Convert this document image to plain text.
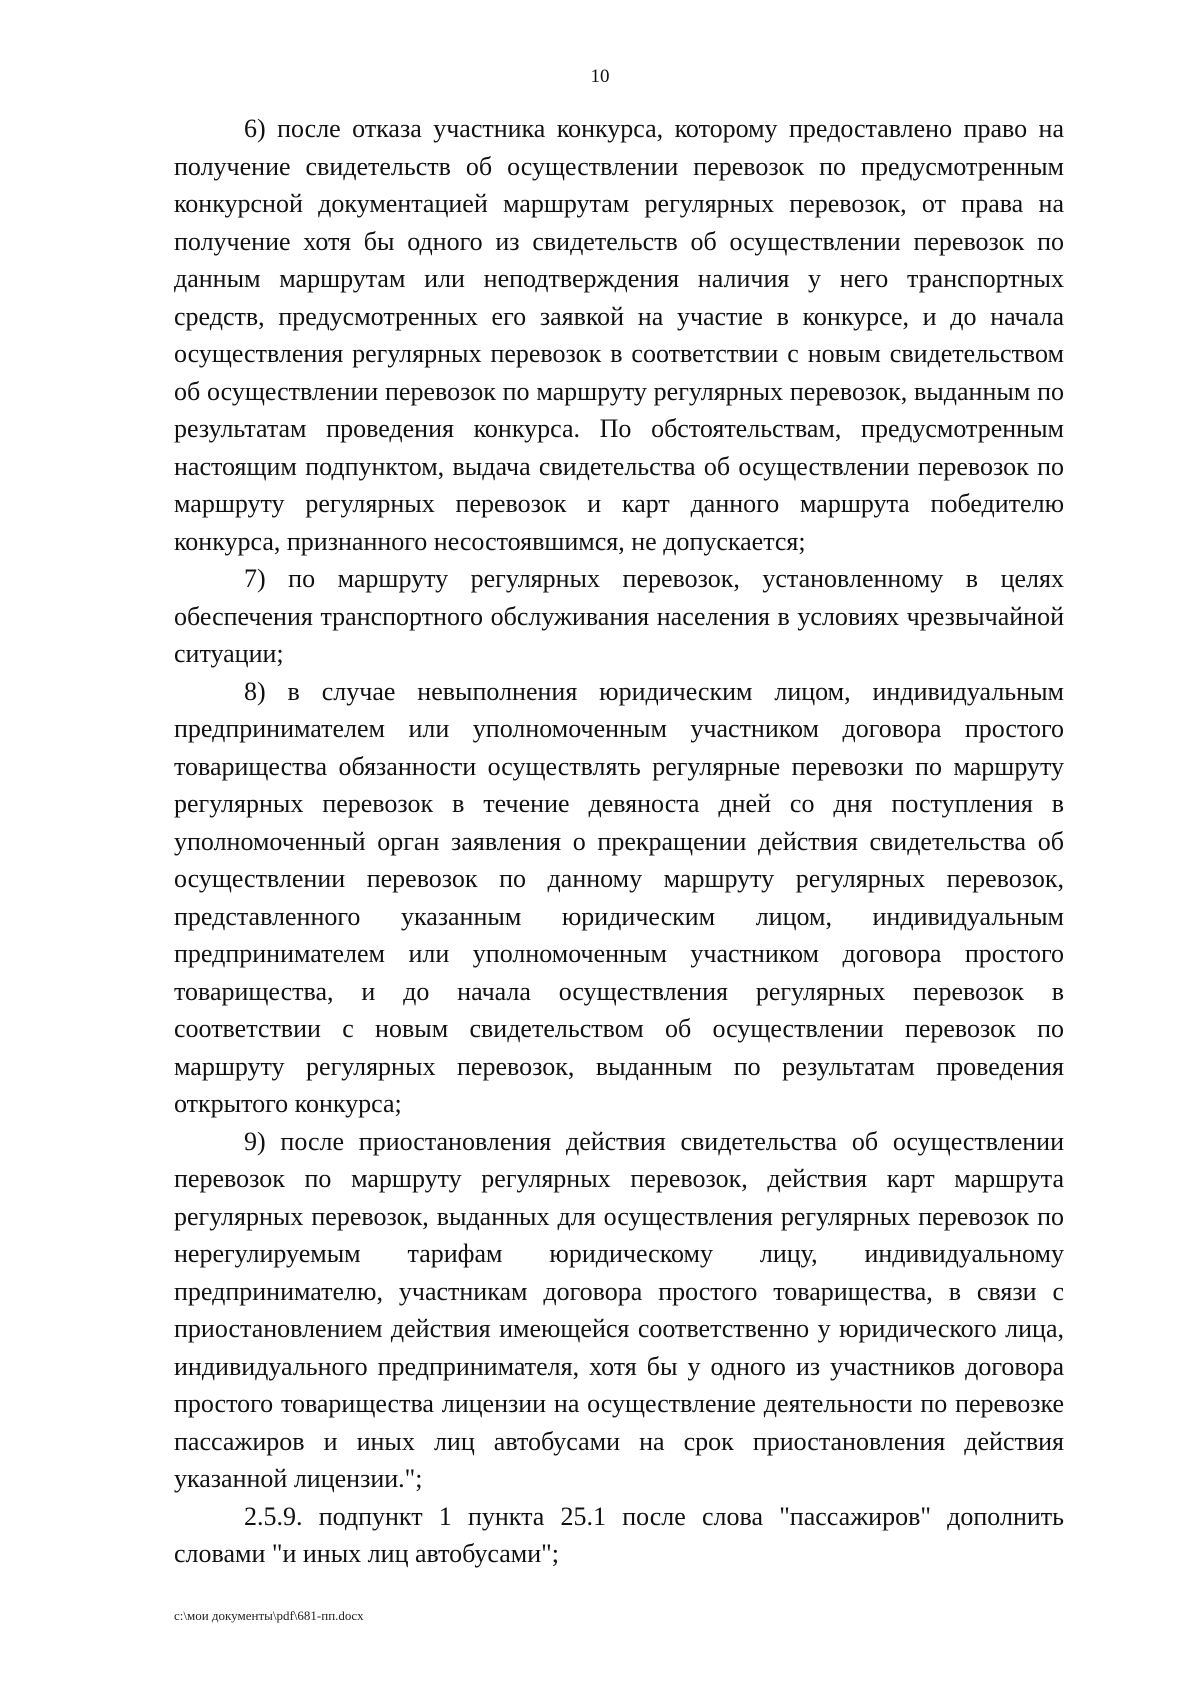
10

6) после отказа участника конкурса, которому предоставлено право на получение свидетельств об осуществлении перевозок по предусмотренным конкурсной документацией маршрутам регулярных перевозок, от права на получение хотя бы одного из свидетельств об осуществлении перевозок по данным маршрутам или неподтверждения наличия у него транспортных средств, предусмотренных его заявкой на участие в конкурсе, и до начала осуществления регулярных перевозок в соответствии с новым свидетельством об осуществлении перевозок по маршруту регулярных перевозок, выданным по результатам проведения конкурса. По обстоятельствам, предусмотренным настоящим подпунктом, выдача свидетельства об осуществлении перевозок по маршруту регулярных перевозок и карт данного маршрута победителю конкурса, признанного несостоявшимся, не допускается;

7) по маршруту регулярных перевозок, установленному в целях обеспечения транспортного обслуживания населения в условиях чрезвычайной ситуации;

8) в случае невыполнения юридическим лицом, индивидуальным предпринимателем или уполномоченным участником договора простого товарищества обязанности осуществлять регулярные перевозки по маршруту регулярных перевозок в течение девяноста дней со дня поступления в уполномоченный орган заявления о прекращении действия свидетельства об осуществлении перевозок по данному маршруту регулярных перевозок, представленного указанным юридическим лицом, индивидуальным предпринимателем или уполномоченным участником договора простого товарищества, и до начала осуществления регулярных перевозок в соответствии с новым свидетельством об осуществлении перевозок по маршруту регулярных перевозок, выданным по результатам проведения открытого конкурса;

9) после приостановления действия свидетельства об осуществлении перевозок по маршруту регулярных перевозок, действия карт маршрута регулярных перевозок, выданных для осуществления регулярных перевозок по нерегулируемым тарифам юридическому лицу, индивидуальному предпринимателю, участникам договора простого товарищества, в связи с приостановлением действия имеющейся соответственно у юридического лица, индивидуального предпринимателя, хотя бы у одного из участников договора простого товарищества лицензии на осуществление деятельности по перевозке пассажиров и иных лиц автобусами на срок приостановления действия указанной лицензии.";

2.5.9. подпункт 1 пункта 25.1 после слова "пассажиров" дополнить словами "и иных лиц автобусами";

c:\мои документы\pdf\681-пп.docx
